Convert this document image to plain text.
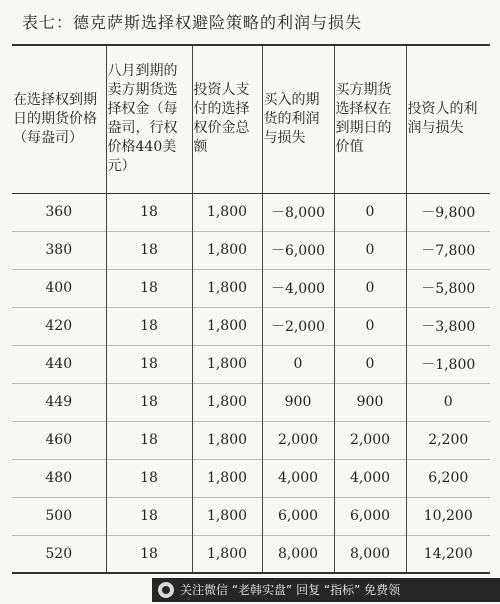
表七：德克萨斯选择权避险策略的利润与损失
在选择权到期日的期货价格（每盎司）	八月到期的卖方期货选择权金（每盎司，行权价格440美元）	投资人支付的选择权价金总额	买入的期货的利润与损失	买方期货选择权在到期日的价值	投资人的利润与损失
360	18	1,800	－8,000	0	－9,800
380	18	1,800	－6,000	0	－7,800
400	18	1,800	－4,000	0	－5,800
420	18	1,800	－2,000	0	－3,800
440	18	1,800	0	0	－1,800
449	18	1,800	900	900	0
460	18	1,800	2,000	2,000	2,200
480	18	1,800	4,000	4,000	6,200
500	18	1,800	6,000	6,000	10,200
520	18	1,800	8,000	8,000	14,200
关注微信 “老韩实盘” 回复 “指标” 免费领
